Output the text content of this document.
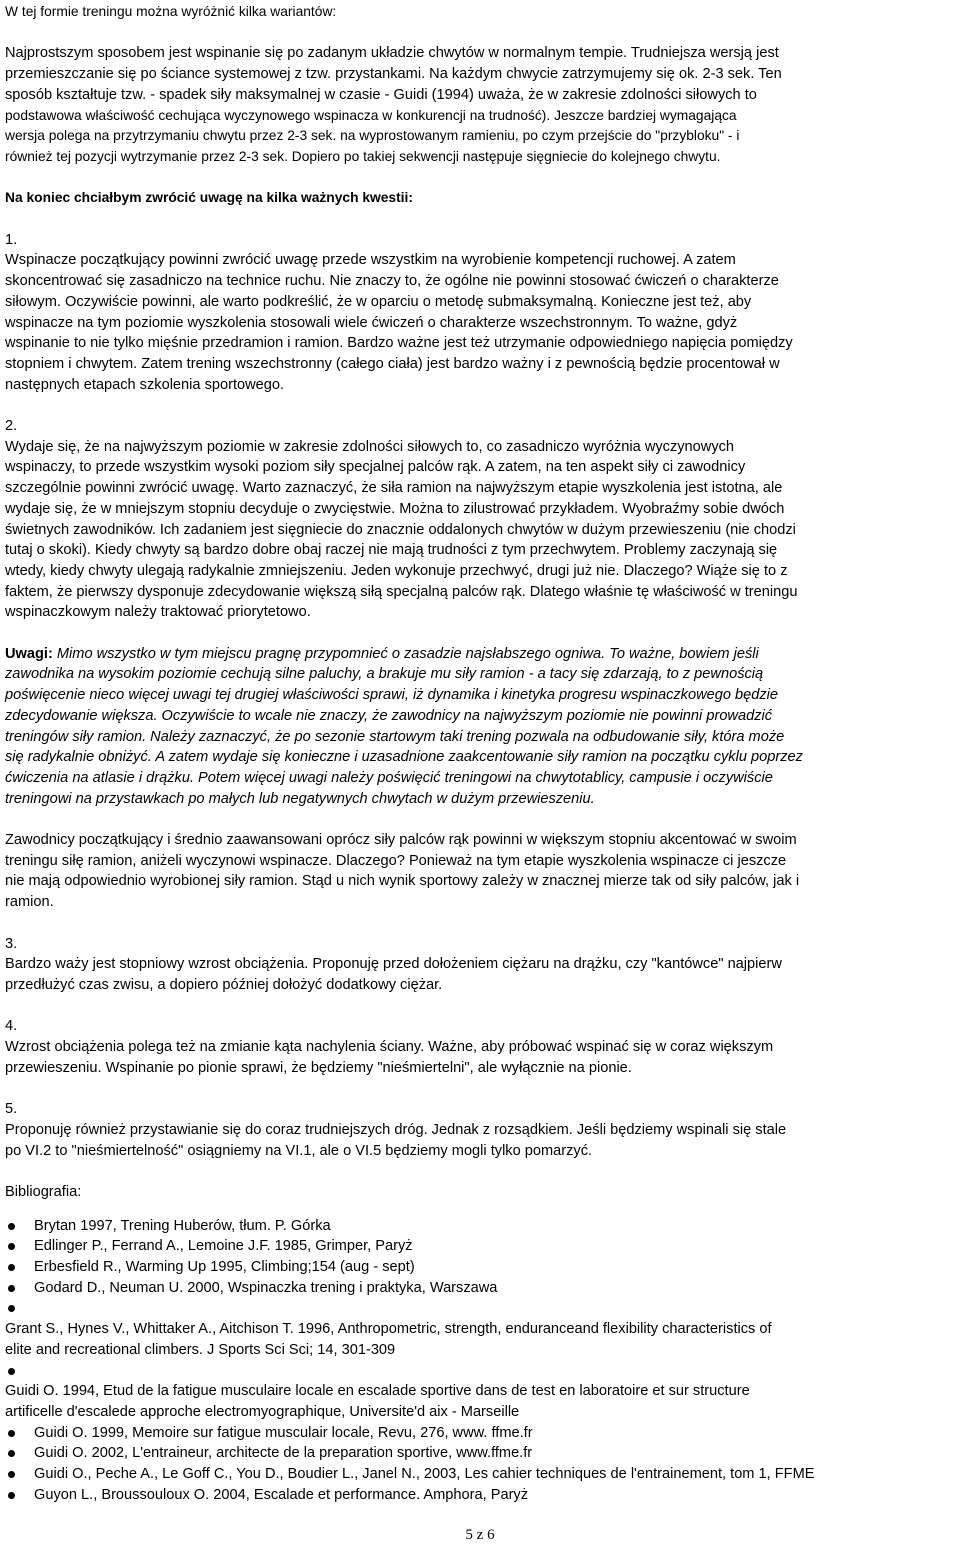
W tej formie treningu można wyróżnić kilka wariantów:

Najprostszym sposobem jest wspinanie się po zadanym układzie chwytów w normalnym tempie. Trudniejsza wersją jest

przemieszczanie się po ściance systemowej z tzw. przystankami. Na każdym chwycie zatrzymujemy się ok. 2-3 sek. Ten

sposób kształtuje tzw. - spadek siły maksymalnej w czasie - Guidi (1994) uważa, że w zakresie zdolności siłowych to

podstawowa właściwość cechująca wyczynowego wspinacza w konkurencji na trudność). Jeszcze bardziej wymagająca

wersja polega na przytrzymaniu chwytu przez 2-3 sek. na wyprostowanym ramieniu, po czym przejście do "przybloku" - i

również tej pozycji wytrzymanie przez 2-3 sek. Dopiero po takiej sekwencji następuje sięgniecie do kolejnego chwytu.

Na koniec chciałbym zwrócić uwagę na kilka ważnych kwestii:

1.

Wspinacze początkujący powinni zwrócić uwagę przede wszystkim na wyrobienie kompetencji ruchowej. A zatem

skoncentrować się zasadniczo na technice ruchu. Nie znaczy to, że ogólne nie powinni stosować ćwiczeń o charakterze

siłowym. Oczywiście powinni, ale warto podkreślić, że w oparciu o metodę submaksymalną. Konieczne jest też, aby

wspinacze na tym poziomie wyszkolenia stosowali wiele ćwiczeń o charakterze wszechstronnym. To ważne, gdyż

wspinanie to nie tylko mięśnie przedramion i ramion. Bardzo ważne jest też utrzymanie odpowiedniego napięcia pomiędzy

stopniem i chwytem. Zatem trening wszechstronny (całego ciała) jest bardzo ważny i z pewnością będzie procentował w

następnych etapach szkolenia sportowego.

2.

Wydaje się, że na najwyższym poziomie w zakresie zdolności siłowych to, co zasadniczo wyróżnia wyczynowych

wspinaczy, to przede wszystkim wysoki poziom siły specjalnej palców rąk. A zatem, na ten aspekt siły ci zawodnicy

szczególnie powinni zwrócić uwagę. Warto zaznaczyć, że siła ramion na najwyższym etapie wyszkolenia jest istotna, ale

wydaje się, że w mniejszym stopniu decyduje o zwycięstwie. Można to zilustrować przykładem. Wyobraźmy sobie dwóch

świetnych zawodników. Ich zadaniem jest sięgniecie do znacznie oddalonych chwytów w dużym przewieszeniu (nie chodzi

tutaj o skoki). Kiedy chwyty są bardzo dobre obaj raczej nie mają trudności z tym przechwytem. Problemy zaczynają się

wtedy, kiedy chwyty ulegają radykalnie zmniejszeniu. Jeden wykonuje przechwyć, drugi już nie. Dlaczego? Wiąże się to z

faktem, że pierwszy dysponuje zdecydowanie większą siłą specjalną palców rąk. Dlatego właśnie tę właściwość w treningu

wspinaczkowym należy traktować priorytetowo.

Uwagi: Mimo wszystko w tym miejscu pragnę przypomnieć o zasadzie najsłabszego ogniwa. To ważne, bowiem jeśli

zawodnika na wysokim poziomie cechują silne paluchy, a brakuje mu siły ramion - a tacy się zdarzają, to z pewnością

poświęcenie nieco więcej uwagi tej drugiej właściwości sprawi, iż dynamika i kinetyka progresu wspinaczkowego będzie

zdecydowanie większa. Oczywiście to wcale nie znaczy, że zawodnicy na najwyższym poziomie nie powinni prowadzić

treningów siły ramion. Należy zaznaczyć, że po sezonie startowym taki trening pozwala na odbudowanie siły, która może

się radykalnie obniżyć. A zatem wydaje się konieczne i uzasadnione zaakcentowanie siły ramion na początku cyklu poprzez

ćwiczenia na atlasie i drążku. Potem więcej uwagi należy poświęcić treningowi na chwytotablicy, campusie i oczywiście

treningowi na przystawkach po małych lub negatywnych chwytach w dużym przewieszeniu.

Zawodnicy początkujący i średnio zaawansowani oprócz siły palców rąk powinni w większym stopniu akcentować w swoim

treningu siłę ramion, aniżeli wyczynowi wspinacze. Dlaczego? Ponieważ na tym etapie wyszkolenia wspinacze ci jeszcze

nie mają odpowiednio wyrobionej siły ramion. Stąd u nich wynik sportowy zależy w znacznej mierze tak od siły palców, jak i

ramion.

3.

Bardzo waży jest stopniowy wzrost obciążenia. Proponuję przed dołożeniem ciężaru na drążku, czy "kantówce" najpierw

przedłużyć czas zwisu, a dopiero później dołożyć dodatkowy ciężar.

4.

Wzrost obciążenia polega też na zmianie kąta nachylenia ściany. Ważne, aby próbować wspinać się w coraz większym

przewieszeniu. Wspinanie po pionie sprawi, że będziemy "nieśmiertelni", ale wyłącznie na pionie.

5.

Proponuję również przystawianie się do coraz trudniejszych dróg. Jednak z rozsądkiem. Jeśli będziemy wspinali się stale

po VI.2 to "nieśmiertelność" osiągniemy na VI.1, ale o VI.5 będziemy mogli tylko pomarzyć.

Bibliografia:

Brytan 1997, Trening Huberów, tłum. P. Górka
Edlinger P., Ferrand A., Lemoine J.F. 1985, Grimper, Paryż
Erbesfield R., Warming Up 1995, Climbing;154 (aug - sept)
Godard D., Neuman U. 2000, Wspinaczka trening i praktyka, Warszawa

Grant S., Hynes V., Whittaker A., Aitchison T. 1996, Anthropometric, strength, enduranceand flexibility characteristics of

elite and recreational climbers. J Sports Sci Sci; 14, 301-309

Guidi O. 1994, Etud de la fatigue musculaire locale en escalade sportive dans de test en laboratoire et sur structure

artificelle d'escalede approche electromyographique, Universite'd aix - Marseille

Guidi O. 1999, Memoire sur fatigue musculair locale, Revu, 276, www. ffme.fr
Guidi O. 2002, L'entraineur, architecte de la preparation sportive, www.ffme.fr
Guidi O., Peche A., Le Goff C., You D., Boudier L., Janel N., 2003, Les cahier techniques de l'entrainement, tom 1, FFME
Guyon L., Broussouloux O. 2004, Escalade et performance. Amphora, Paryż
5 z 6
